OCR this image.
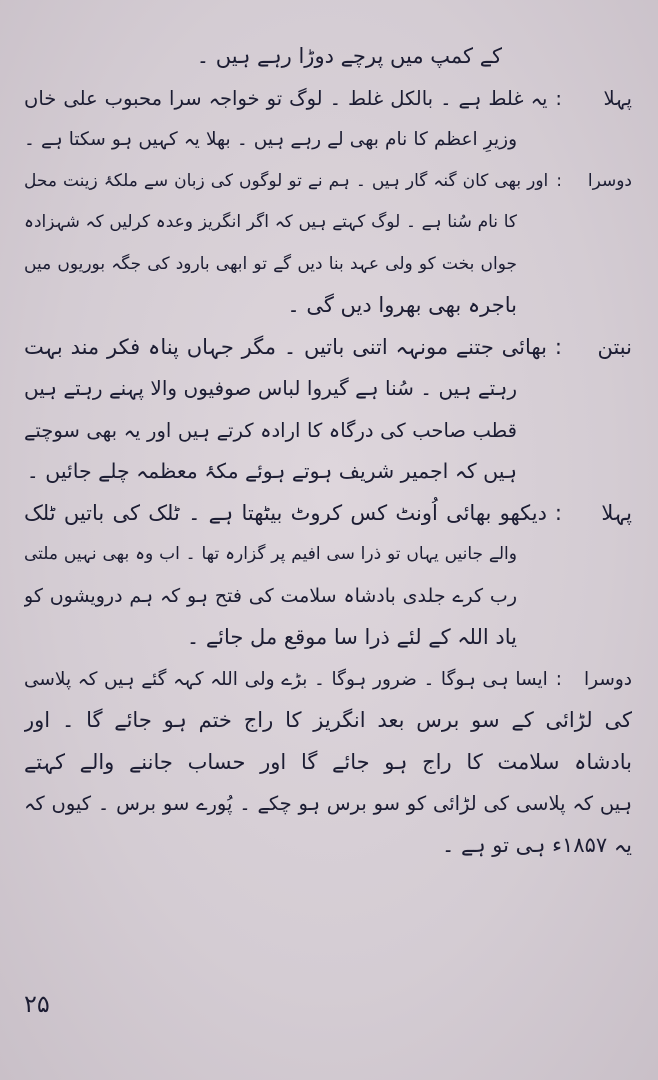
کے کمپ میں پرچے دوڑا رہے ہیں ۔
پہلا:یہ غلط ہے ۔ بالکل غلط ۔ لوگ تو خواجہ سرا محبوب علی خاں
وزیرِ اعظم کا نام بھی لے رہے ہیں ۔ بھلا یہ کہیں ہو سکتا ہے ۔
دوسرا:اور بھی کان گنہ گار ہیں ۔ ہم نے تو لوگوں کی زبان سے ملکۂ زینت محل
کا نام سُنا ہے ۔ لوگ کہتے ہیں کہ اگر انگریز وعدہ کرلیں کہ شہزادہ
جواں بخت کو ولی عہد بنا دیں گے تو ابھی بارود کی جگہ بوریوں میں
باجرہ بھی بھروا دیں گی ۔
نبتن:بھائی جتنے مونہہ اتنی باتیں ۔ مگر جہاں پناہ فکر مند بہت
رہتے ہیں ۔ سُنا ہے گیروا لباس صوفیوں والا پہنے رہتے ہیں
قطب صاحب کی درگاہ کا ارادہ کرتے ہیں اور یہ بھی سوچتے
ہیں کہ اجمیر شریف ہوتے ہوئے مکۂ معظمہ چلے جائیں ۔
پہلا:دیکھو بھائی اُونٹ کس کروٹ بیٹھتا ہے ۔ ٹلک کی باتیں ٹلک
والے جانیں یہاں تو ذرا سی افیم پر گزارہ تھا ۔ اب وہ بھی نہیں ملتی
رب کرے جلدی بادشاہ سلامت کی فتح ہو کہ ہم درویشوں کو
یاد اللہ کے لئے ذرا سا موقع مل جائے ۔
دوسرا:ایسا ہی ہوگا ۔ ضرور ہوگا ۔ بڑے ولی اللہ کہہ گئے ہیں کہ پلاسی
کی لڑائی کے سو برس بعد انگریز کا راج ختم ہو جائے گا ۔ اور
بادشاہ سلامت کا راج ہو جائے گا اور حساب جاننے والے کہتے
ہیں کہ پلاسی کی لڑائی کو سو برس ہو چکے ۔ پُورے سو برس ۔ کیوں کہ
یہ ۱۸۵۷ء ہی تو ہے ۔
۲۵
